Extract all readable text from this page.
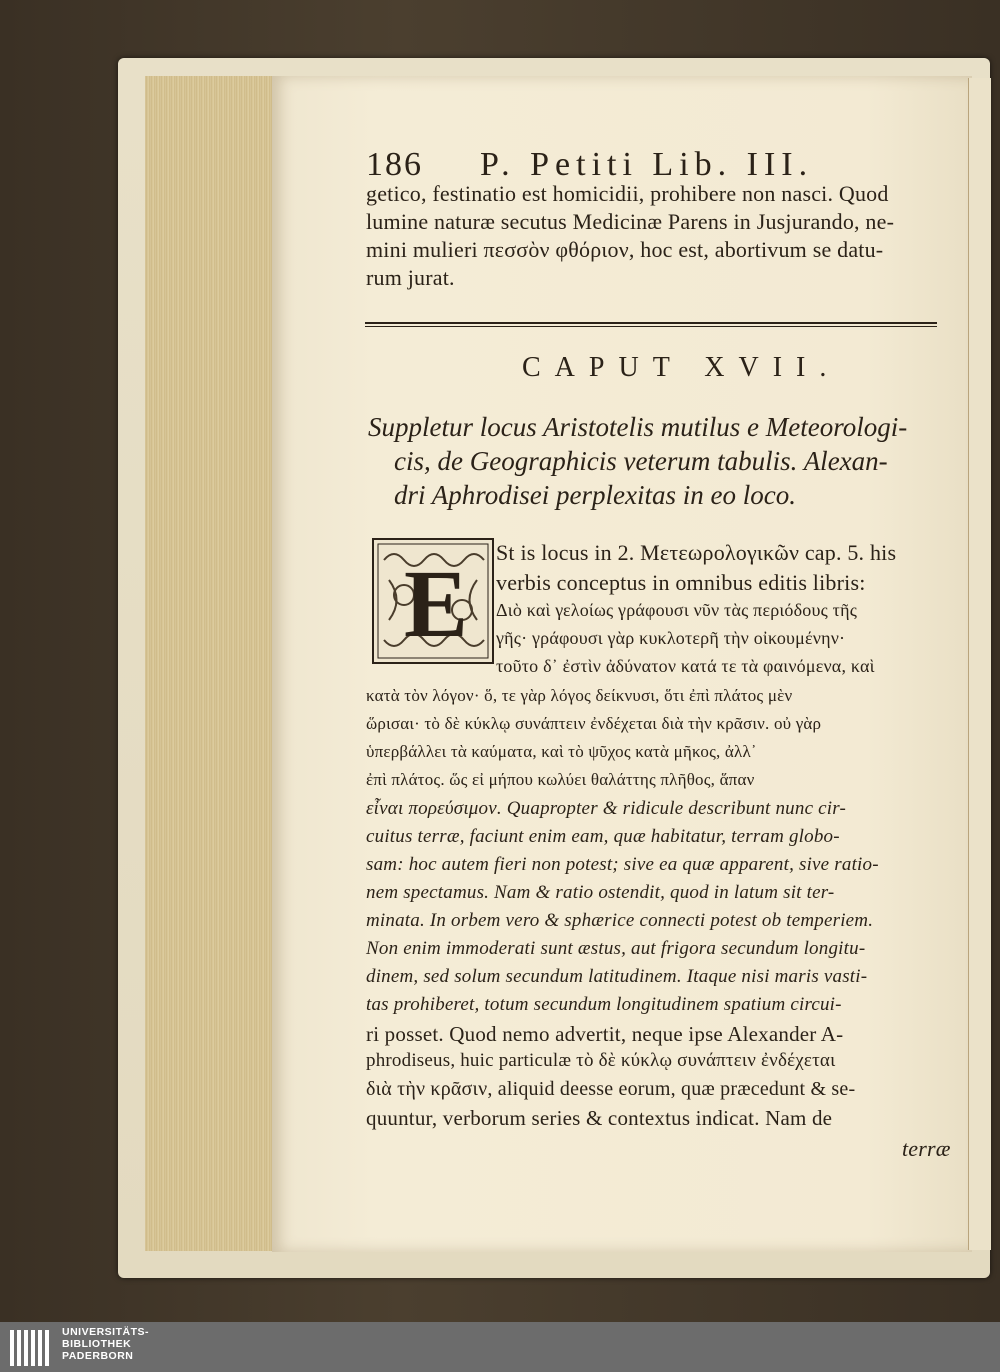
186 P. Petiti Lib. III.
getico, festinatio est homicidii, prohibere non nasci. Quod
lumine naturæ secutus Medicinæ Parens in Jusjurando, ne-
mini mulieri πεσσὸν φθόριον, hoc est, abortivum se datu-
rum jurat.
CAPUT XVII.
Suppletur locus Aristotelis mutilus e Meteorologi-
cis, de Geographicis veterum tabulis. Alexan-
dri Aphrodisei perplexitas in eo loco.
E St is locus in 2. Μετεωρολογικῶν cap. 5. his
verbis conceptus in omnibus editis libris:
Διὸ καὶ γελοίως γράφουσι νῦν τὰς περιόδους τῆς
γῆς· γράφουσι γὰρ κυκλοτερῆ τὴν οἰκουμένην·
τοῦτο δ᾽ ἐστὶν ἀδύνατον κατά τε τὰ φαινόμενα, καὶ
κατὰ τὸν λόγον· ὅ, τε γὰρ λόγος δείκνυσι, ὅτι ἐπὶ πλάτος μὲν
ὥρισαι· τὸ δὲ κύκλῳ συνάπτειν ἐνδέχεται διὰ τὴν κρᾶσιν. οὐ γὰρ
ὑπερβάλλει τὰ καύματα, καὶ τὸ ψῦχος κατὰ μῆκος, ἀλλ᾽
ἐπὶ πλάτος. ὥς εἰ μήπου κωλύει θαλάττης πλῆθος, ἅπαν
εἶναι πορεύσιμον. Quapropter & ridicule describunt nunc cir-
cuitus terræ, faciunt enim eam, quæ habitatur, terram globo-
sam: hoc autem fieri non potest; sive ea quæ apparent, sive ratio-
nem spectamus. Nam & ratio ostendit, quod in latum sit ter-
minata. In orbem vero & sphærice connecti potest ob temperiem.
Non enim immoderati sunt æstus, aut frigora secundum longitu-
dinem, sed solum secundum latitudinem. Itaque nisi maris vasti-
tas prohiberet, totum secundum longitudinem spatium circui-
ri posset. Quod nemo advertit, neque ipse Alexander A-
phrodiseus, huic particulæ τὸ δὲ κύκλῳ συνάπτειν ἐνδέχεται
διὰ τὴν κρᾶσιν, aliquid deesse eorum, quæ præcedunt & se-
quuntur, verborum series & contextus indicat. Nam de
terræ
UNIVERSITÄTS-
BIBLIOTHEK
PADERBORN
